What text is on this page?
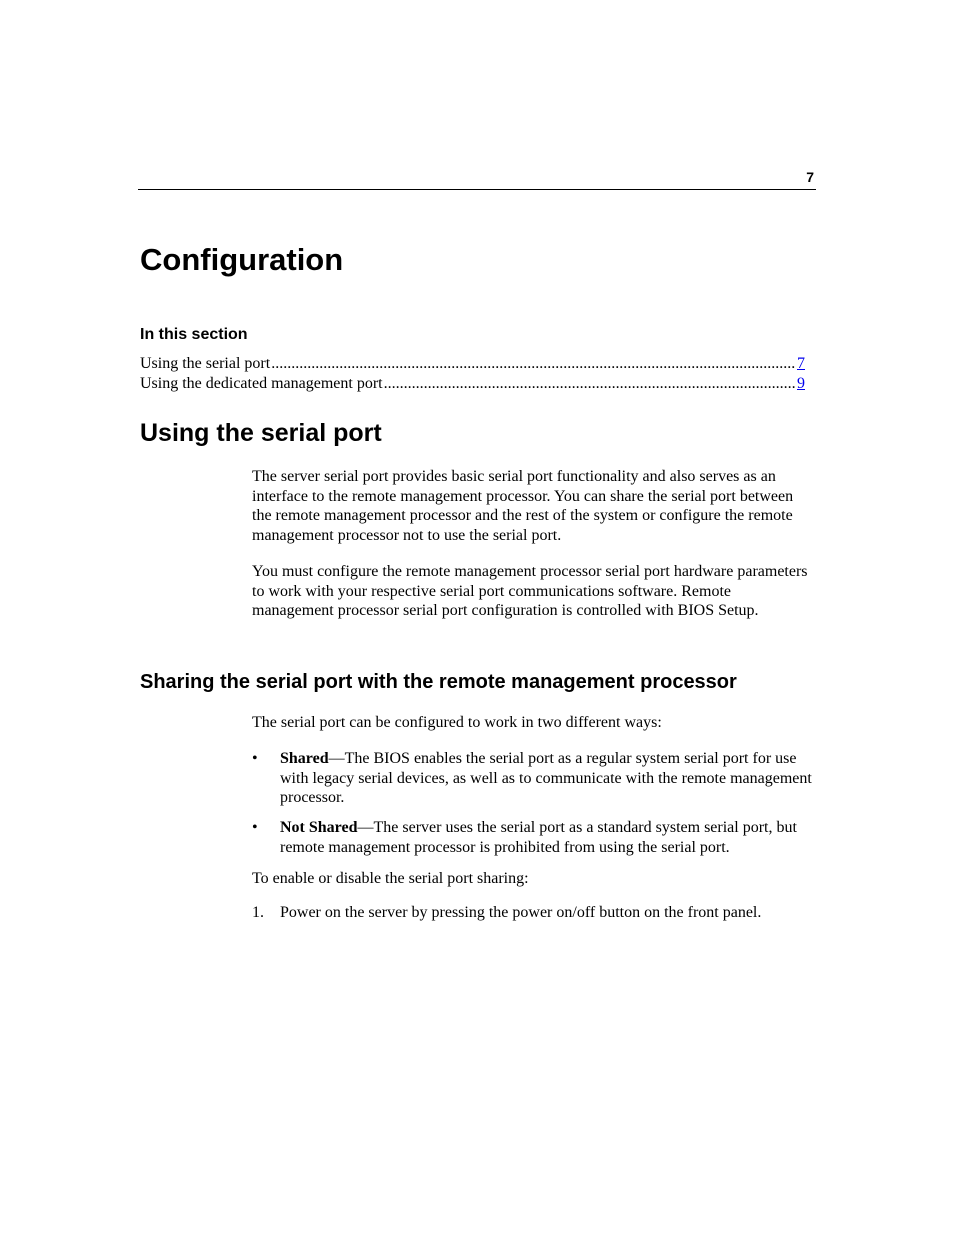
7
Configuration
In this section
Using the serial port .....	7
Using the dedicated management port .....	9
Using the serial port

The server serial port provides basic serial port functionality and also serves as an interface to the remote management processor. You can share the serial port between the remote management processor and the rest of the system or configure the remote management processor not to use the serial port.

You must configure the remote management processor serial port hardware parameters to work with your respective serial port communications software. Remote management processor serial port configuration is controlled with BIOS Setup.

Sharing the serial port with the remote management processor

The serial port can be configured to work in two different ways:

• Shared—The BIOS enables the serial port as a regular system serial port for use with legacy serial devices, as well as to communicate with the remote management processor.
• Not Shared—The server uses the serial port as a standard system serial port, but remote management processor is prohibited from using the serial port.

To enable or disable the serial port sharing:

1. Power on the server by pressing the power on/off button on the front panel.
